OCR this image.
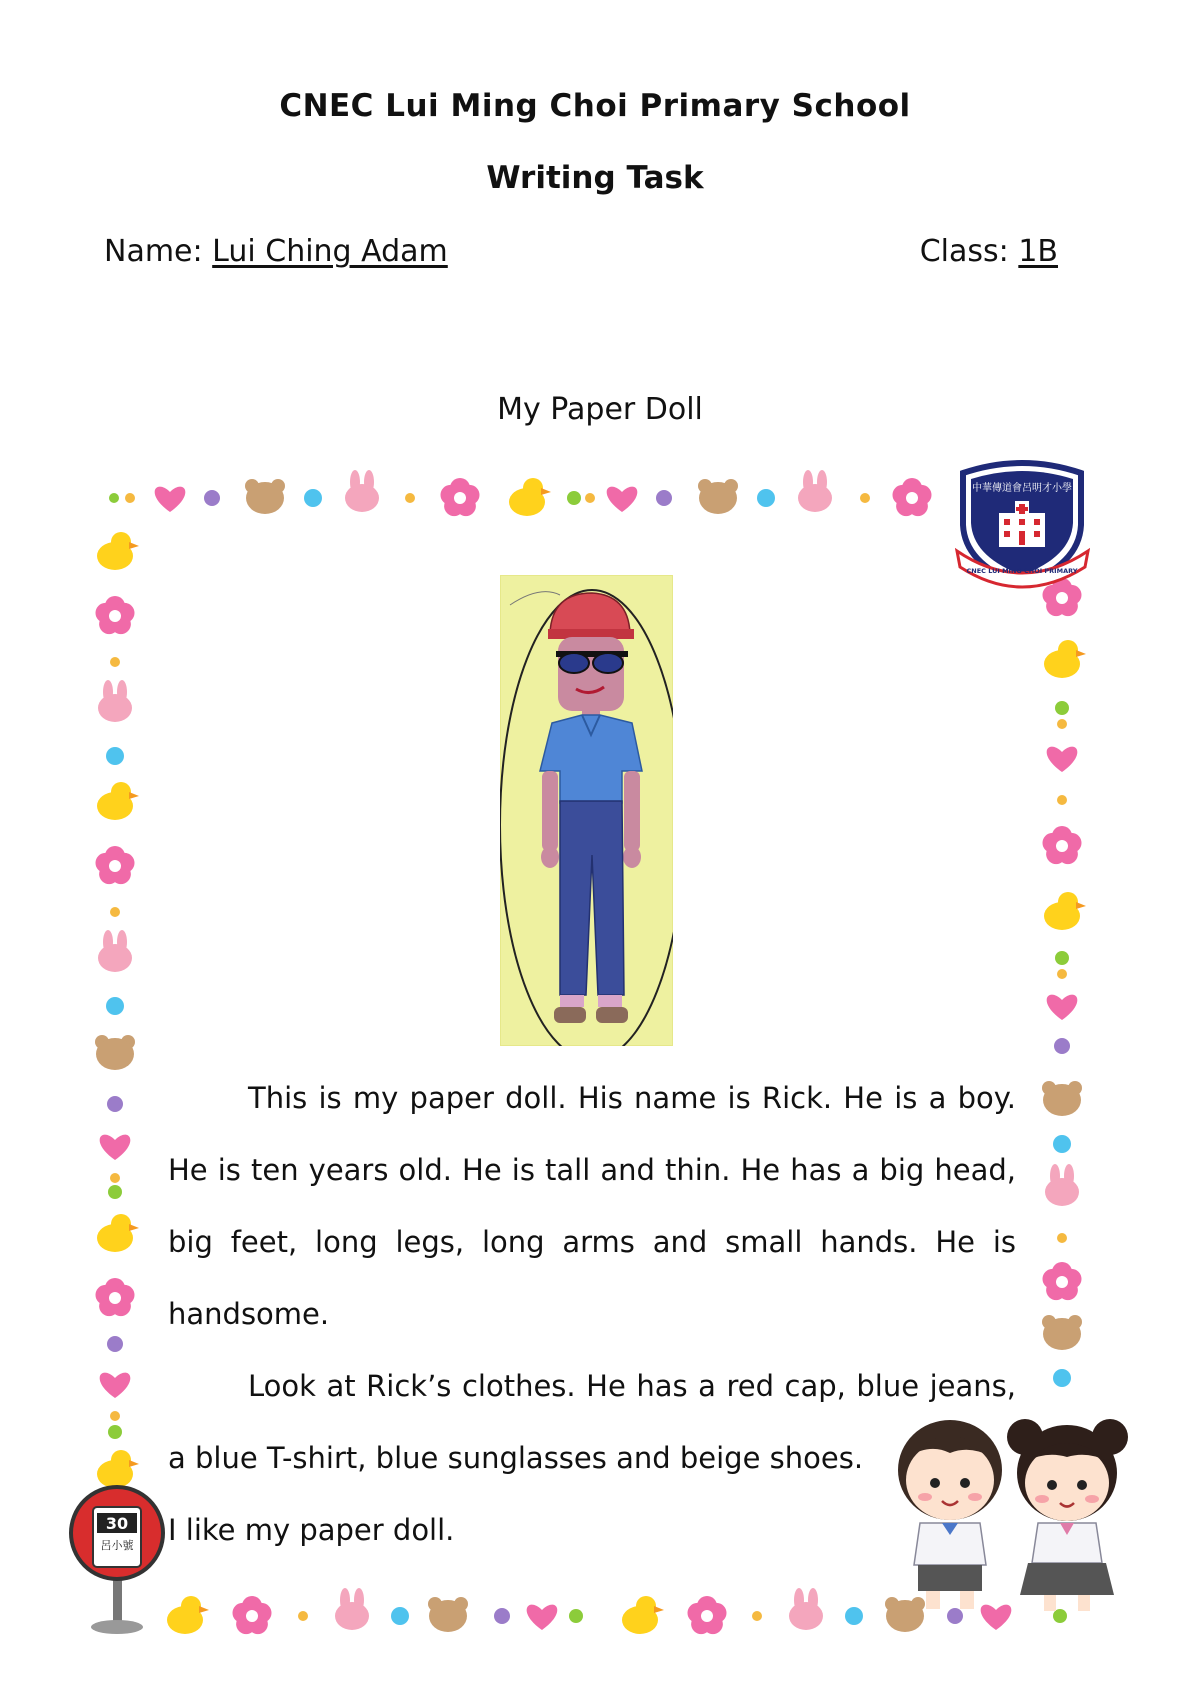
CNEC Lui Ming Choi Primary School
Writing Task
Name: Lui Ching Adam	Class: 1B
My Paper Doll
中華傳道會呂明才小學
CNEC LUI MING CHOI PRIMARY

This is my paper doll. His name is Rick. He is a boy. He is ten years old. He is tall and thin. He has a big head, big feet, long legs, long arms and small hands. He is handsome.

Look at Rick’s clothes. He has a red cap, blue jeans, a blue T-shirt, blue sunglasses and beige shoes.

I like my paper doll.

30
呂小號
